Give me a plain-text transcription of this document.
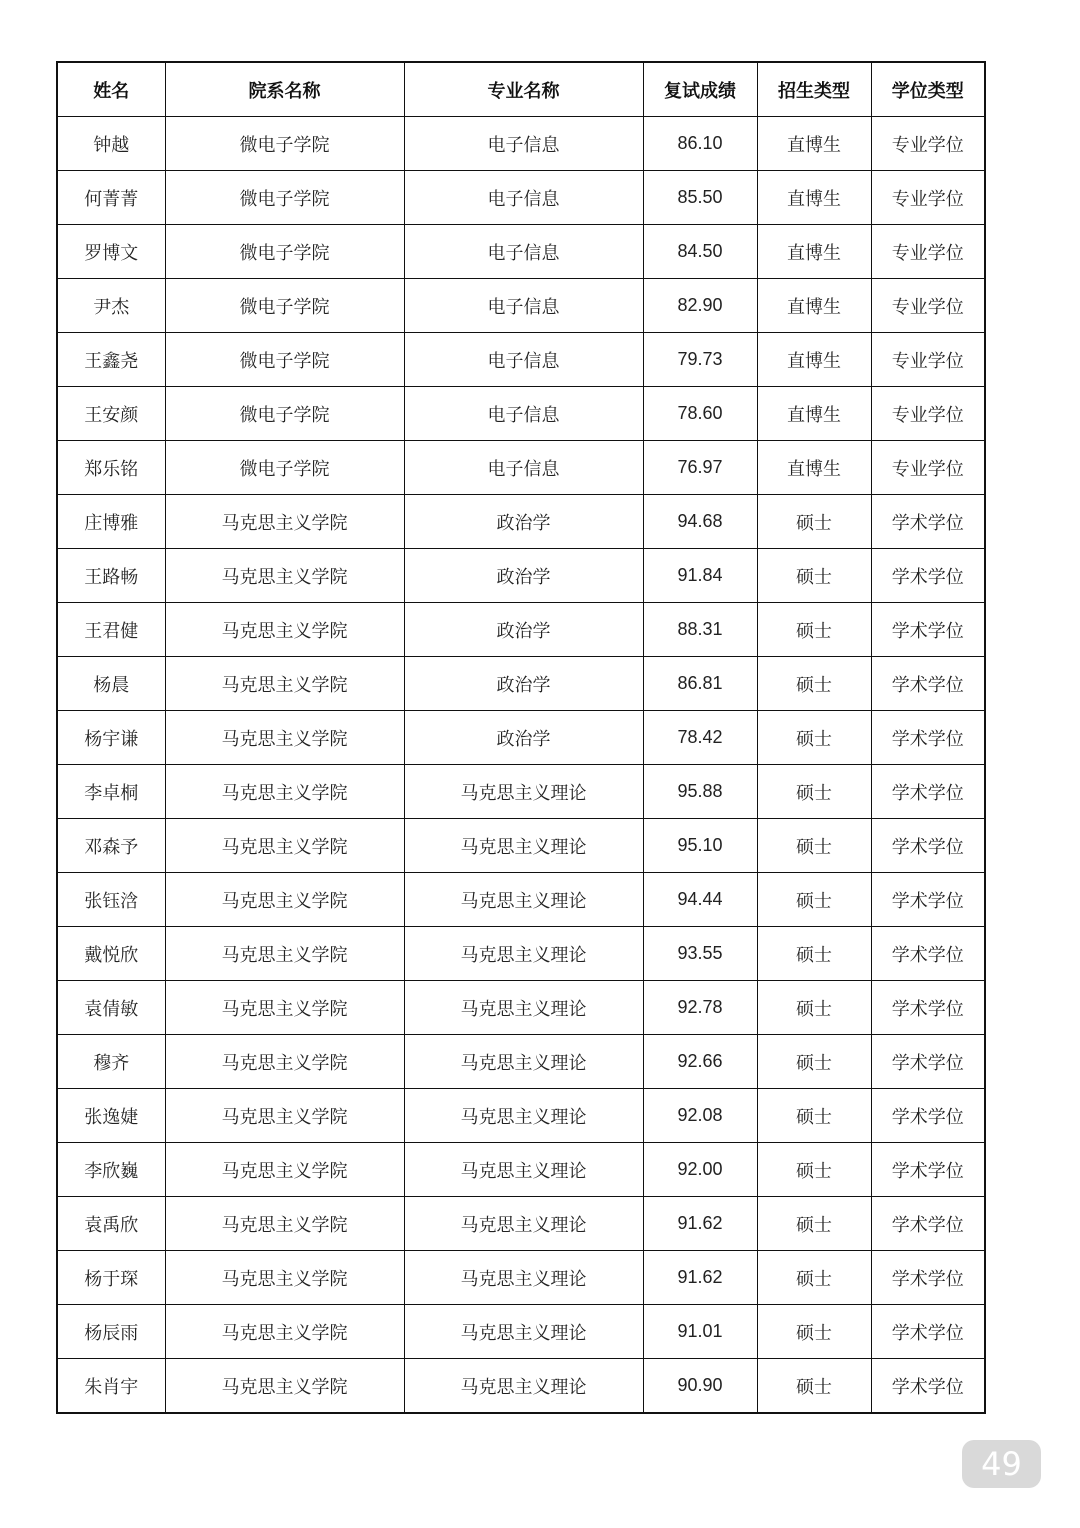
姓名	院系名称	专业名称	复试成绩	招生类型	学位类型
钟越	微电子学院	电子信息	86.10	直博生	专业学位
何菁菁	微电子学院	电子信息	85.50	直博生	专业学位
罗博文	微电子学院	电子信息	84.50	直博生	专业学位
尹杰	微电子学院	电子信息	82.90	直博生	专业学位
王鑫尧	微电子学院	电子信息	79.73	直博生	专业学位
王安颜	微电子学院	电子信息	78.60	直博生	专业学位
郑乐铭	微电子学院	电子信息	76.97	直博生	专业学位
庄博雅	马克思主义学院	政治学	94.68	硕士	学术学位
王路畅	马克思主义学院	政治学	91.84	硕士	学术学位
王君健	马克思主义学院	政治学	88.31	硕士	学术学位
杨晨	马克思主义学院	政治学	86.81	硕士	学术学位
杨宇谦	马克思主义学院	政治学	78.42	硕士	学术学位
李卓桐	马克思主义学院	马克思主义理论	95.88	硕士	学术学位
邓森予	马克思主义学院	马克思主义理论	95.10	硕士	学术学位
张钰浛	马克思主义学院	马克思主义理论	94.44	硕士	学术学位
戴悦欣	马克思主义学院	马克思主义理论	93.55	硕士	学术学位
袁倩敏	马克思主义学院	马克思主义理论	92.78	硕士	学术学位
穆齐	马克思主义学院	马克思主义理论	92.66	硕士	学术学位
张逸婕	马克思主义学院	马克思主义理论	92.08	硕士	学术学位
李欣巍	马克思主义学院	马克思主义理论	92.00	硕士	学术学位
袁禹欣	马克思主义学院	马克思主义理论	91.62	硕士	学术学位
杨于琛	马克思主义学院	马克思主义理论	91.62	硕士	学术学位
杨辰雨	马克思主义学院	马克思主义理论	91.01	硕士	学术学位
朱肖宇	马克思主义学院	马克思主义理论	90.90	硕士	学术学位
49
